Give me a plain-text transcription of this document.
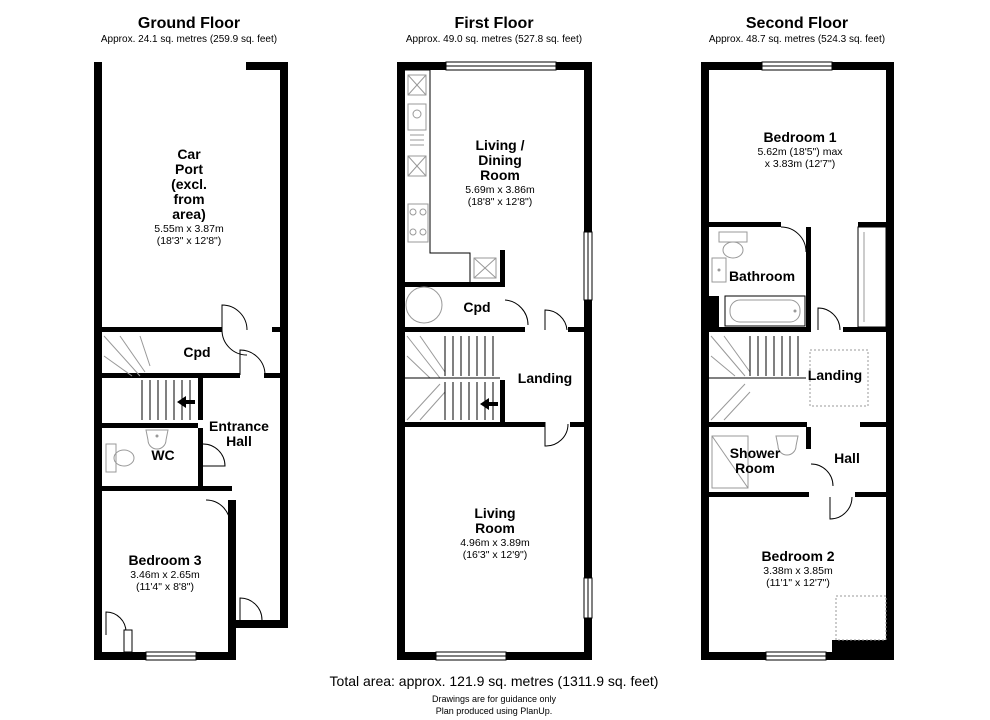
Ground Floor
Approx. 24.1 sq. metres (259.9 sq. feet)
Car
Port
(excl.
from
area)
5.55m x 3.87m
(18'3" x 12'8")
Cpd
Entrance
Hall
WC
Bedroom 3
3.46m x 2.65m
(11'4" x 8'8")
First Floor
Approx. 49.0 sq. metres (527.8 sq. feet)
Living /
Dining
Room
5.69m x 3.86m
(18'8" x 12'8")
Cpd
Landing
Living
Room
4.96m x 3.89m
(16'3" x 12'9")
Second Floor
Approx. 48.7 sq. metres (524.3 sq. feet)
Bedroom 1
5.62m (18'5") max
x 3.83m (12'7")
Bathroom
Landing
Shower
Room
Hall
Bedroom 2
3.38m x 3.85m
(11'1" x 12'7")
Total area: approx. 121.9 sq. metres (1311.9 sq. feet)
Drawings are for guidance only
Plan produced using PlanUp.
